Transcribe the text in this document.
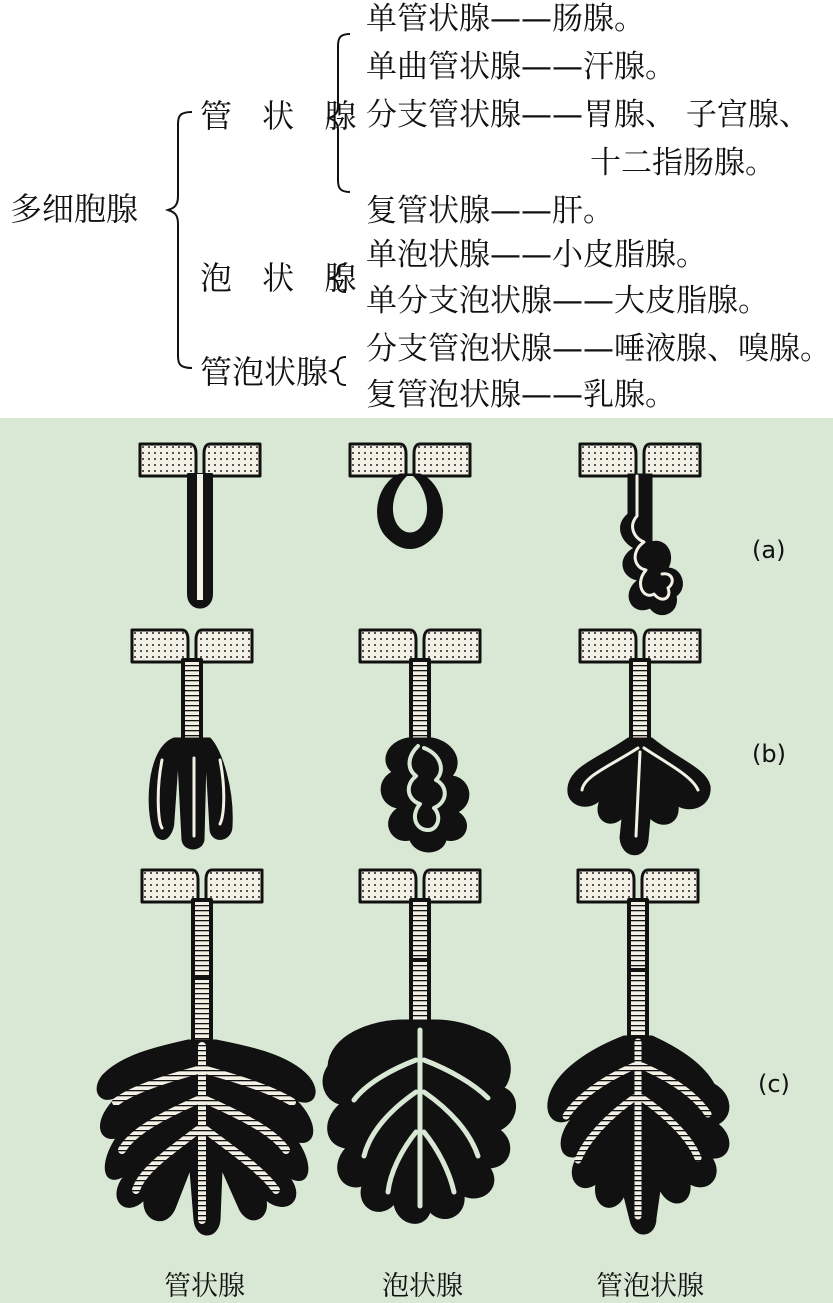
多细胞腺
管 状 腺
泡 状 腺
管泡状腺
单管状腺——肠腺。
单曲管状腺——汗腺。
分支管状腺——胃腺、 子宫腺、
十二指肠腺。
复管状腺——肝。
单泡状腺——小皮脂腺。
单分支泡状腺——大皮脂腺。
分支管泡状腺——唾液腺、嗅腺。
复管泡状腺——乳腺。
(a)
(b)
(c)
管状腺	泡状腺	管泡状腺
